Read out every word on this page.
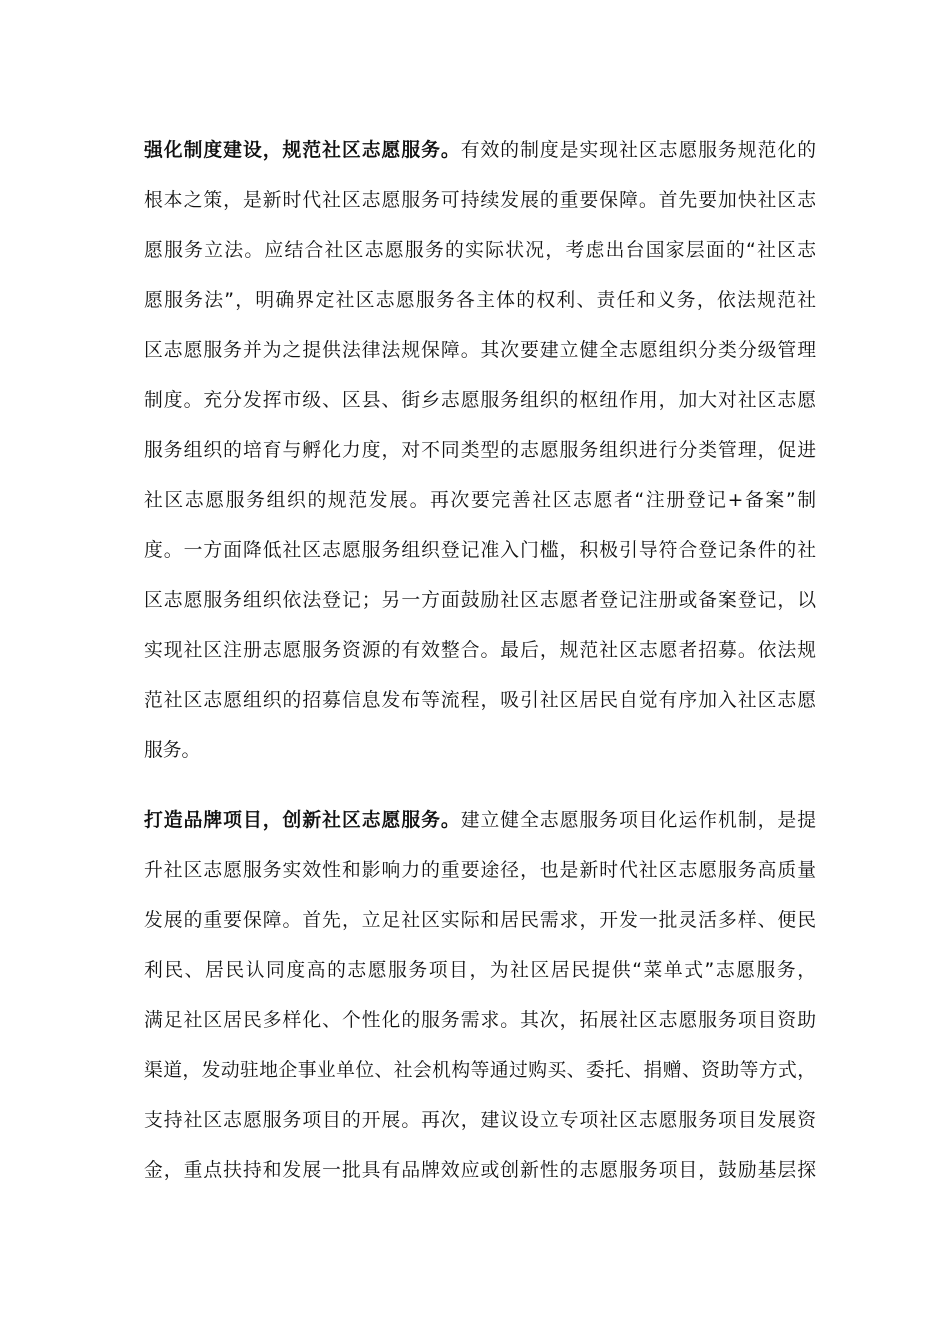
强化制度建设，规范社区志愿服务。有效的制度是实现社区志愿服务规范化的
根本之策，是新时代社区志愿服务可持续发展的重要保障。首先要加快社区志
愿服务立法。应结合社区志愿服务的实际状况，考虑出台国家层面的“社区志
愿服务法”，明确界定社区志愿服务各主体的权利、责任和义务，依法规范社
区志愿服务并为之提供法律法规保障。其次要建立健全志愿组织分类分级管理
制度。充分发挥市级、区县、街乡志愿服务组织的枢纽作用，加大对社区志愿
服务组织的培育与孵化力度，对不同类型的志愿服务组织进行分类管理，促进
社区志愿服务组织的规范发展。再次要完善社区志愿者“注册登记+备案”制
度。一方面降低社区志愿服务组织登记准入门槛，积极引导符合登记条件的社
区志愿服务组织依法登记；另一方面鼓励社区志愿者登记注册或备案登记，以
实现社区注册志愿服务资源的有效整合。最后，规范社区志愿者招募。依法规
范社区志愿组织的招募信息发布等流程，吸引社区居民自觉有序加入社区志愿
服务。
打造品牌项目，创新社区志愿服务。建立健全志愿服务项目化运作机制，是提
升社区志愿服务实效性和影响力的重要途径，也是新时代社区志愿服务高质量
发展的重要保障。首先，立足社区实际和居民需求，开发一批灵活多样、便民
利民、居民认同度高的志愿服务项目，为社区居民提供“菜单式”志愿服务，
满足社区居民多样化、个性化的服务需求。其次，拓展社区志愿服务项目资助
渠道，发动驻地企事业单位、社会机构等通过购买、委托、捐赠、资助等方式，
支持社区志愿服务项目的开展。再次，建议设立专项社区志愿服务项目发展资
金，重点扶持和发展一批具有品牌效应或创新性的志愿服务项目，鼓励基层探
